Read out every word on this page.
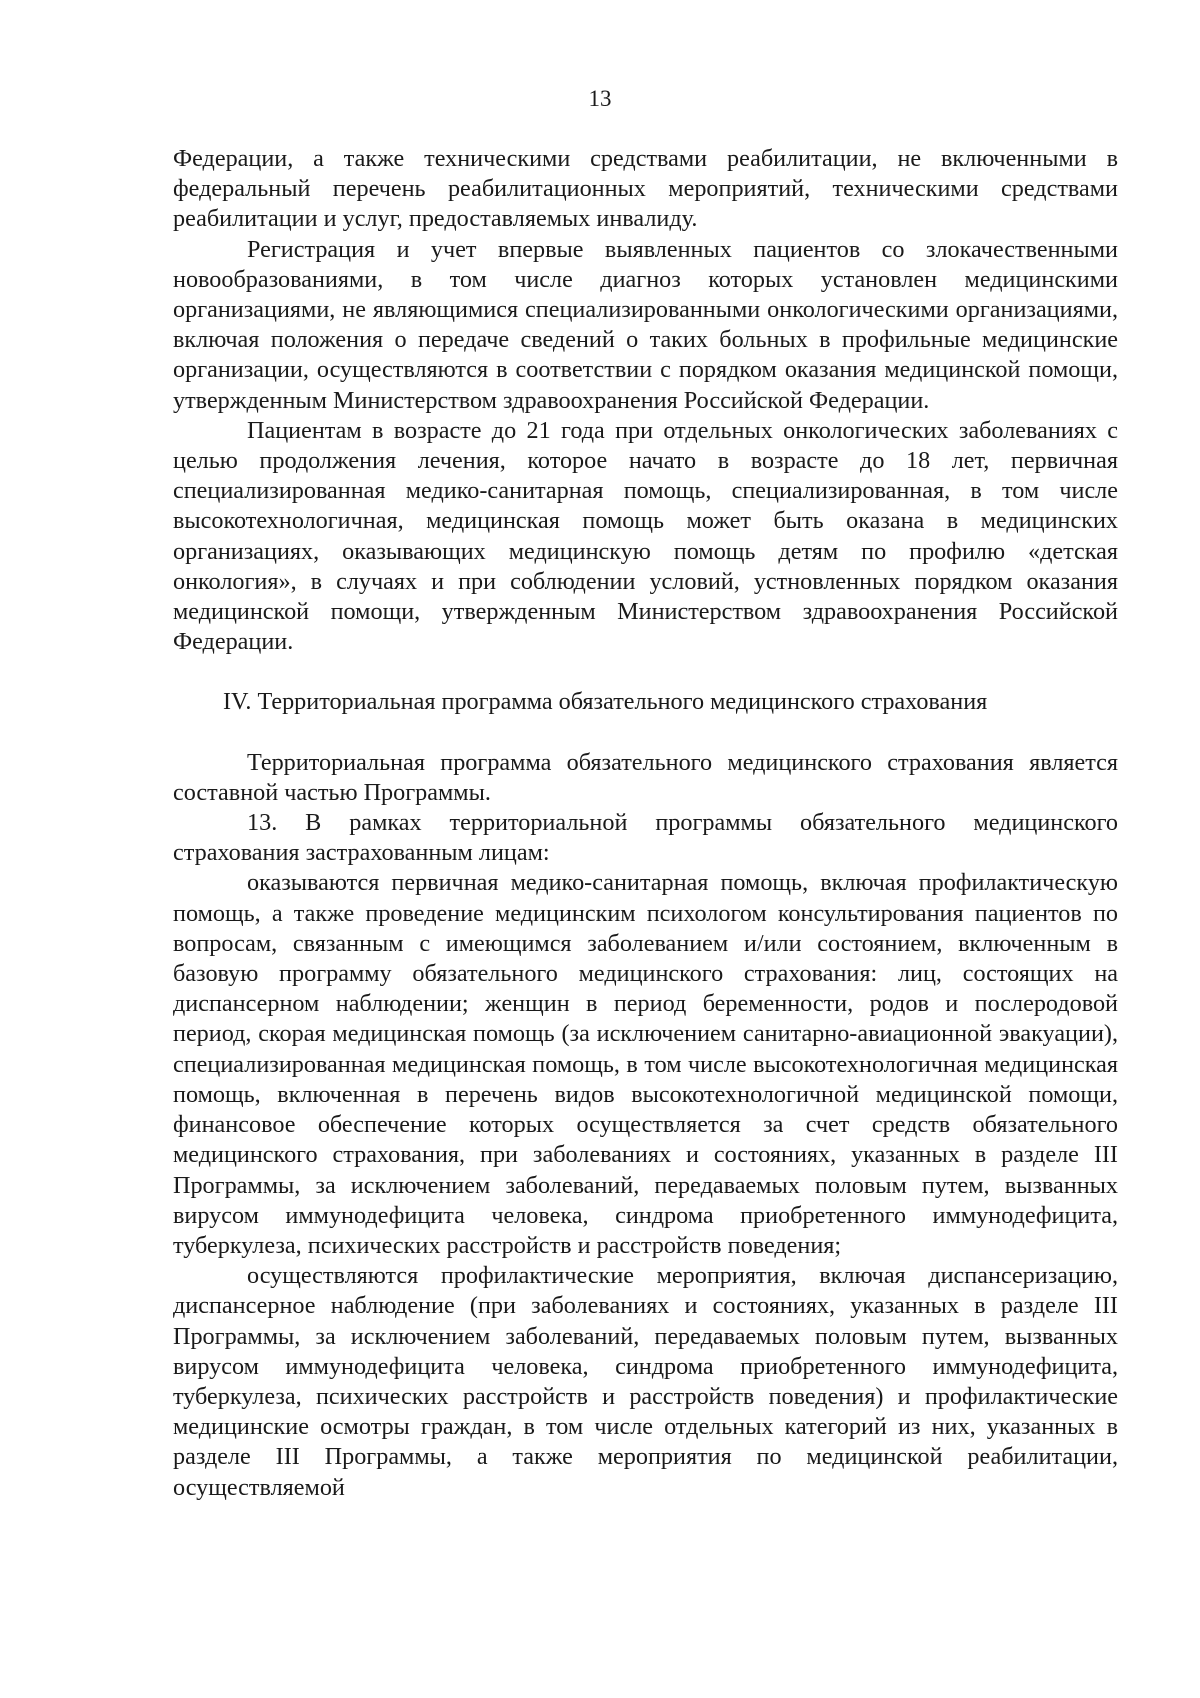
13

Федерации, а также техническими средствами реабилитации, не включенными в федеральный перечень реабилитационных мероприятий, техническими средствами реабилитации и услуг, предоставляемых инвалиду.

Регистрация и учет впервые выявленных пациентов со злокачественными новообразованиями, в том числе диагноз которых установлен медицинскими организациями, не являющимися специализированными онкологическими организациями, включая положения о передаче сведений о таких больных в профильные медицинские организации, осуществляются в соответствии с порядком оказания медицинской помощи, утвержденным Министерством здравоохранения Российской Федерации.

Пациентам в возрасте до 21 года при отдельных онкологических заболеваниях с целью продолжения лечения, которое начато в возрасте до 18 лет, первичная специализированная медико-санитарная помощь, специализированная, в том числе высокотехнологичная, медицинская помощь может быть оказана в медицинских организациях, оказывающих медицинскую помощь детям по профилю «детская онкология», в случаях и при соблюдении условий, устновленных порядком оказания медицинской помощи, утвержденным Министерством здравоохранения Российской Федерации.

IV. Территориальная программа обязательного медицинского страхования

Территориальная программа обязательного медицинского страхования является составной частью Программы.

13. В рамках территориальной программы обязательного медицинского страхования застрахованным лицам:

оказываются первичная медико-санитарная помощь, включая профилактическую помощь, а также проведение медицинским психологом консультирования пациентов по вопросам, связанным с имеющимся заболеванием и/или состоянием, включенным в базовую программу обязательного медицинского страхования: лиц, состоящих на диспансерном наблюдении; женщин в период беременности, родов и послеродовой период, скорая медицинская помощь (за исключением санитарно-авиационной эвакуации), специализированная медицинская помощь, в том числе высокотехнологичная медицинская помощь, включенная в перечень видов высокотехнологичной медицинской помощи, финансовое обеспечение которых осуществляется за счет средств обязательного медицинского страхования, при заболеваниях и состояниях, указанных в разделе III Программы, за исключением заболеваний, передаваемых половым путем, вызванных вирусом иммунодефицита человека, синдрома приобретенного иммунодефицита, туберкулеза, психических расстройств и расстройств поведения;

осуществляются профилактические мероприятия, включая диспансеризацию, диспансерное наблюдение (при заболеваниях и состояниях, указанных в разделе III Программы, за исключением заболеваний, передаваемых половым путем, вызванных вирусом иммунодефицита человека, синдрома приобретенного иммунодефицита, туберкулеза, психических расстройств и расстройств поведения) и профилактические медицинские осмотры граждан, в том числе отдельных категорий из них, указанных в разделе III Программы, а также мероприятия по медицинской реабилитации, осуществляемой
